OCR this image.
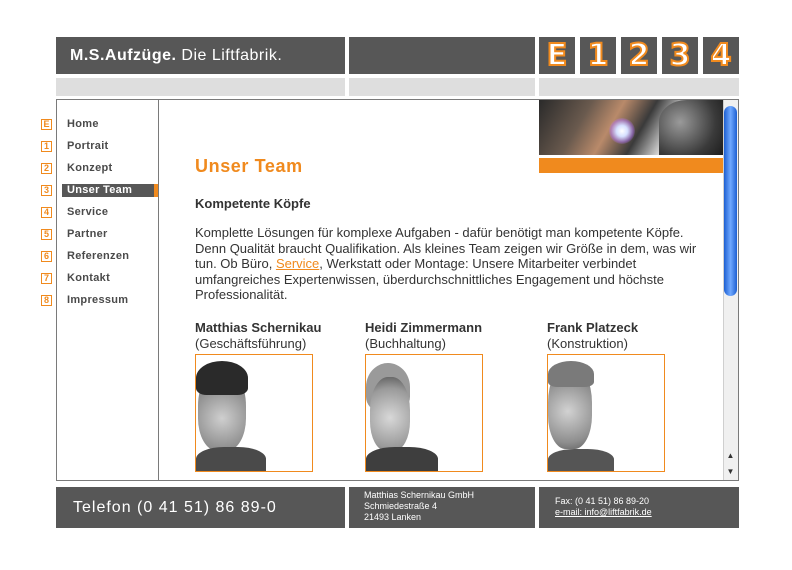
M.S.Aufzüge. Die Liftfabrik.	E 1 2 3 4
E Home
1 Portrait
2 Konzept
3	Unser Team
4 Service
5 Partner
6 Referenzen
7 Kontakt
8 Impressum
Unser Team
Kompetente Köpfe
Komplette Lösungen für komplexe Aufgaben - dafür benötigt man kompetente Köpfe. Denn Qualität braucht Qualifikation. Als kleines Team zeigen wir Größe in dem, was wir tun. Ob Büro, Service, Werkstatt oder Montage: Unsere Mitarbeiter verbindet umfangreiches Expertenwissen, überdurchschnittliches Engagement und höchste Professionalität.
Matthias Schernikau
(Geschäftsführung)
Heidi Zimmermann
(Buchhaltung)
Frank Platzeck
(Konstruktion)
▲
▼
Telefon (0 41 51) 86 89-0
Matthias Schernikau GmbH
Schmiedestraße 4
21493 Lanken
Fax: (0 41 51) 86 89-20
e-mail: info@liftfabrik.de
